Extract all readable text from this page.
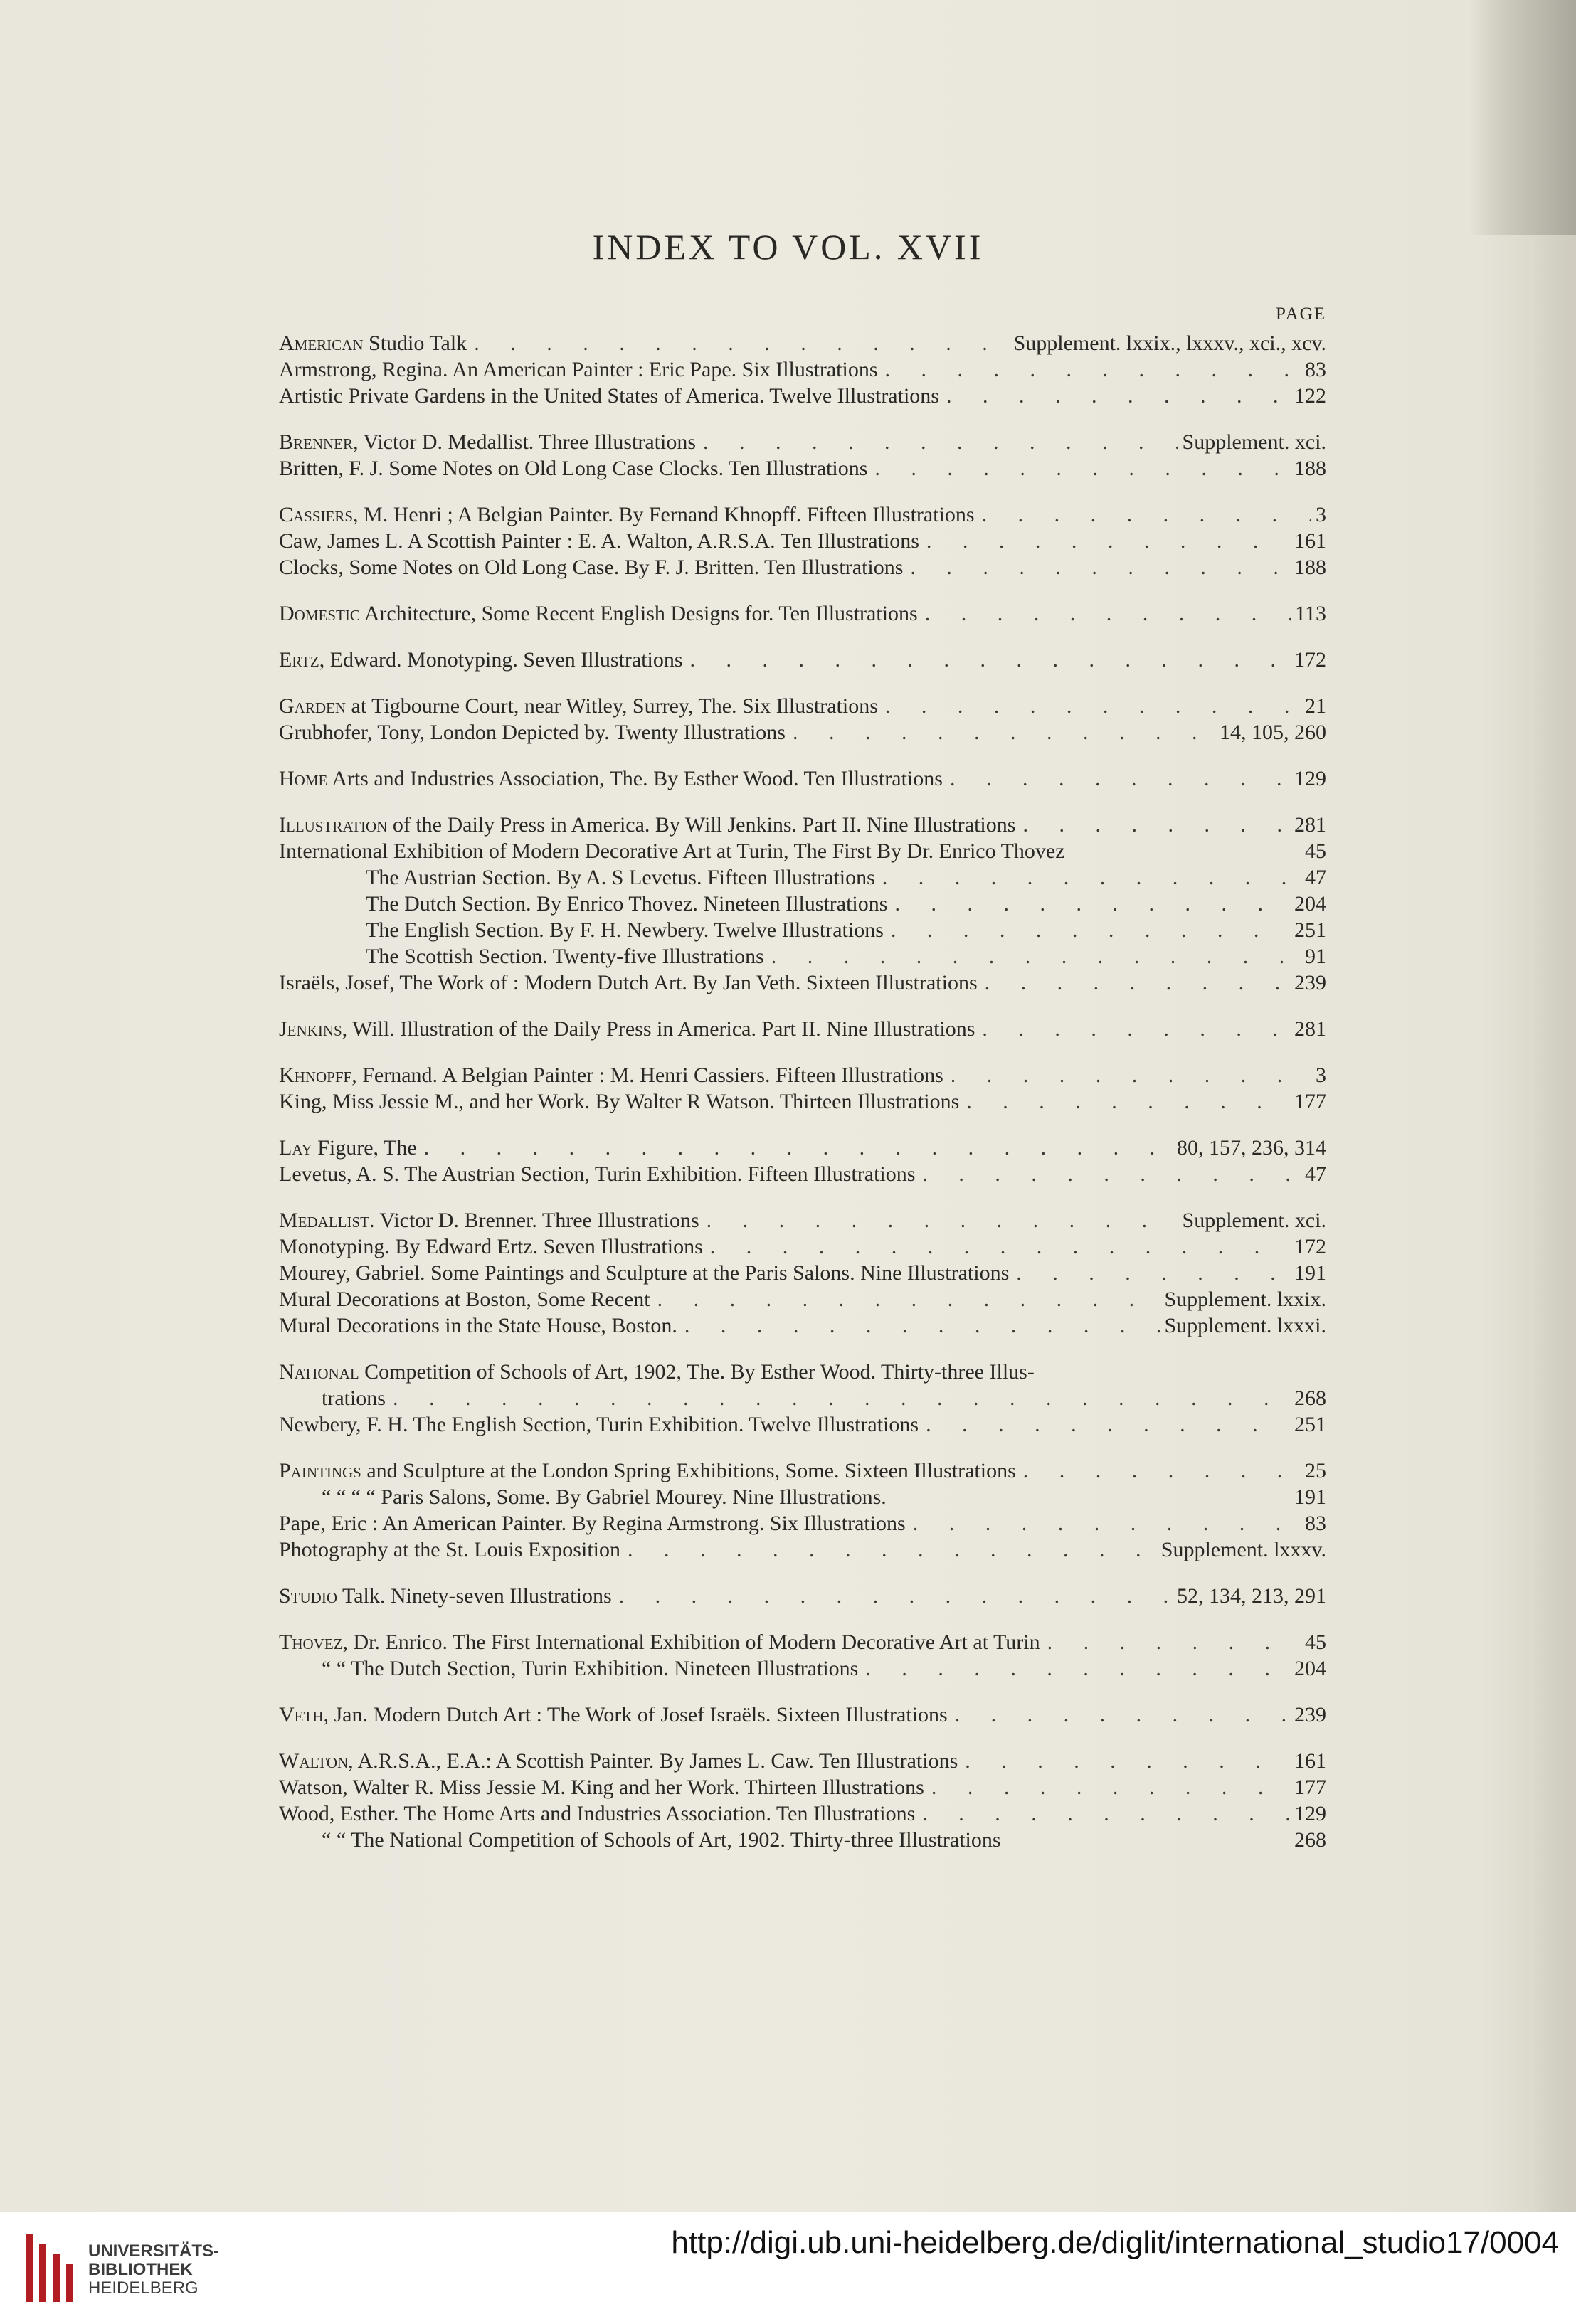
INDEX TO VOL. XVII
PAGE
American Studio Talk . . .	Supplement. lxxix., lxxxv., xci., xcv.
Armstrong, Regina. An American Painter : Eric Pape. Six Illustrations . . .	83
Artistic Private Gardens in the United States of America. Twelve Illustrations . . .	122
Brenner, Victor D. Medallist. Three Illustrations . . .	Supplement. xci.
Britten, F. J. Some Notes on Old Long Case Clocks. Ten Illustrations . . .	188
Cassiers, M. Henri ; A Belgian Painter. By Fernand Khnopff. Fifteen Illustrations . . .	3
Caw, James L. A Scottish Painter : E. A. Walton, A.R.S.A. Ten Illustrations . . .	161
Clocks, Some Notes on Old Long Case. By F. J. Britten. Ten Illustrations . . .	188
Domestic Architecture, Some Recent English Designs for. Ten Illustrations . . .	113
Ertz, Edward. Monotyping. Seven Illustrations . . .	172
Garden at Tigbourne Court, near Witley, Surrey, The. Six Illustrations . . .	21
Grubhofer, Tony, London Depicted by. Twenty Illustrations . . .	14, 105, 260
Home Arts and Industries Association, The. By Esther Wood. Ten Illustrations . . .	129
Illustration of the Daily Press in America. By Will Jenkins. Part II. Nine Illustrations . . .	281
International Exhibition of Modern Decorative Art at Turin, The First By Dr. Enrico Thovez	45
The Austrian Section. By A. S Levetus. Fifteen Illustrations . . .	47
The Dutch Section. By Enrico Thovez. Nineteen Illustrations . . .	204
The English Section. By F. H. Newbery. Twelve Illustrations . . .	251
The Scottish Section. Twenty-five Illustrations . . .	91
Israëls, Josef, The Work of : Modern Dutch Art. By Jan Veth. Sixteen Illustrations . . .	239
Jenkins, Will. Illustration of the Daily Press in America. Part II. Nine Illustrations . . .	281
Khnopff, Fernand. A Belgian Painter : M. Henri Cassiers. Fifteen Illustrations . . .	3
King, Miss Jessie M., and her Work. By Walter R Watson. Thirteen Illustrations . . .	177
Lay Figure, The . . .	80, 157, 236, 314
Levetus, A. S. The Austrian Section, Turin Exhibition. Fifteen Illustrations . . .	47
Medallist. Victor D. Brenner. Three Illustrations . . .	Supplement. xci.
Monotyping. By Edward Ertz. Seven Illustrations . . .	172
Mourey, Gabriel. Some Paintings and Sculpture at the Paris Salons. Nine Illustrations . . .	191
Mural Decorations at Boston, Some Recent . . .	Supplement. lxxix.
Mural Decorations in the State House, Boston. . . .	Supplement. lxxxi.
National Competition of Schools of Art, 1902, The. By Esther Wood. Thirty-three Illus-
trations . . .	268
Newbery, F. H. The English Section, Turin Exhibition. Twelve Illustrations . . .	251
Paintings and Sculpture at the London Spring Exhibitions, Some. Sixteen Illustrations . . .	25
“ “ “ “ Paris Salons, Some. By Gabriel Mourey. Nine Illustrations.	191
Pape, Eric : An American Painter. By Regina Armstrong. Six Illustrations . . .	83
Photography at the St. Louis Exposition . . .	Supplement. lxxxv.
Studio Talk. Ninety-seven Illustrations . . .	52, 134, 213, 291
Thovez, Dr. Enrico. The First International Exhibition of Modern Decorative Art at Turin . . .	45
“ “ The Dutch Section, Turin Exhibition. Nineteen Illustrations . . .	204
Veth, Jan. Modern Dutch Art : The Work of Josef Israëls. Sixteen Illustrations . . .	239
Walton, A.R.S.A., E.A.: A Scottish Painter. By James L. Caw. Ten Illustrations . . .	161
Watson, Walter R. Miss Jessie M. King and her Work. Thirteen Illustrations . . .	177
Wood, Esther. The Home Arts and Industries Association. Ten Illustrations . . .	129
“ “ The National Competition of Schools of Art, 1902. Thirty-three Illustrations	268
UNIVERSITÄTS-
BIBLIOTHEK
HEIDELBERG
http://digi.ub.uni-heidelberg.de/diglit/international_studio17/0004
